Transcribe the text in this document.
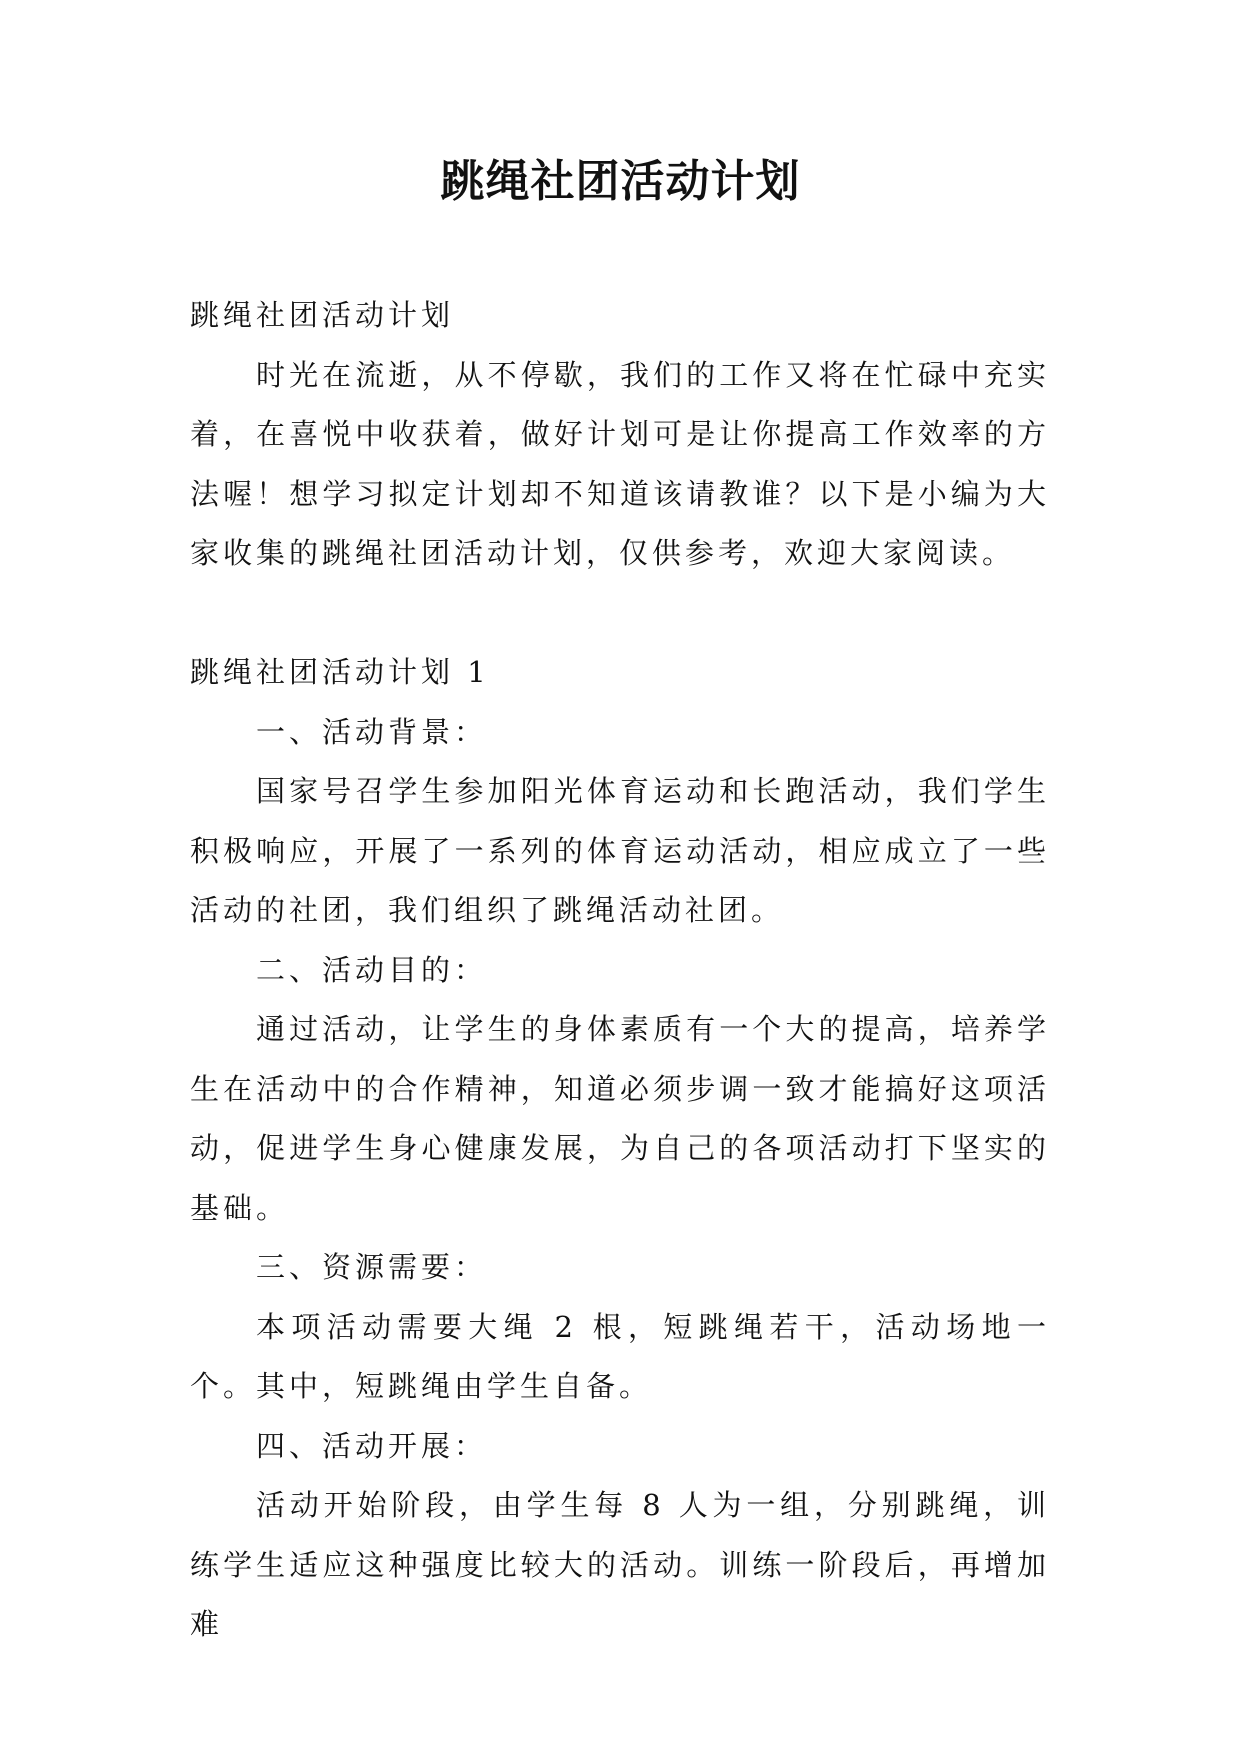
跳绳社团活动计划

跳绳社团活动计划

时光在流逝，从不停歇，我们的工作又将在忙碌中充实着，在喜悦中收获着，做好计划可是让你提高工作效率的方法喔！想学习拟定计划却不知道该请教谁？以下是小编为大家收集的跳绳社团活动计划，仅供参考，欢迎大家阅读。

跳绳社团活动计划 1

一、活动背景：

国家号召学生参加阳光体育运动和长跑活动，我们学生积极响应，开展了一系列的体育运动活动，相应成立了一些活动的社团，我们组织了跳绳活动社团。

二、活动目的：

通过活动，让学生的身体素质有一个大的提高，培养学生在活动中的合作精神，知道必须步调一致才能搞好这项活动，促进学生身心健康发展，为自己的各项活动打下坚实的基础。

三、资源需要：

本项活动需要大绳 2 根，短跳绳若干，活动场地一个。其中，短跳绳由学生自备。

四、活动开展：

活动开始阶段，由学生每 8 人为一组，分别跳绳，训练学生适应这种强度比较大的活动。训练一阶段后，再增加难
